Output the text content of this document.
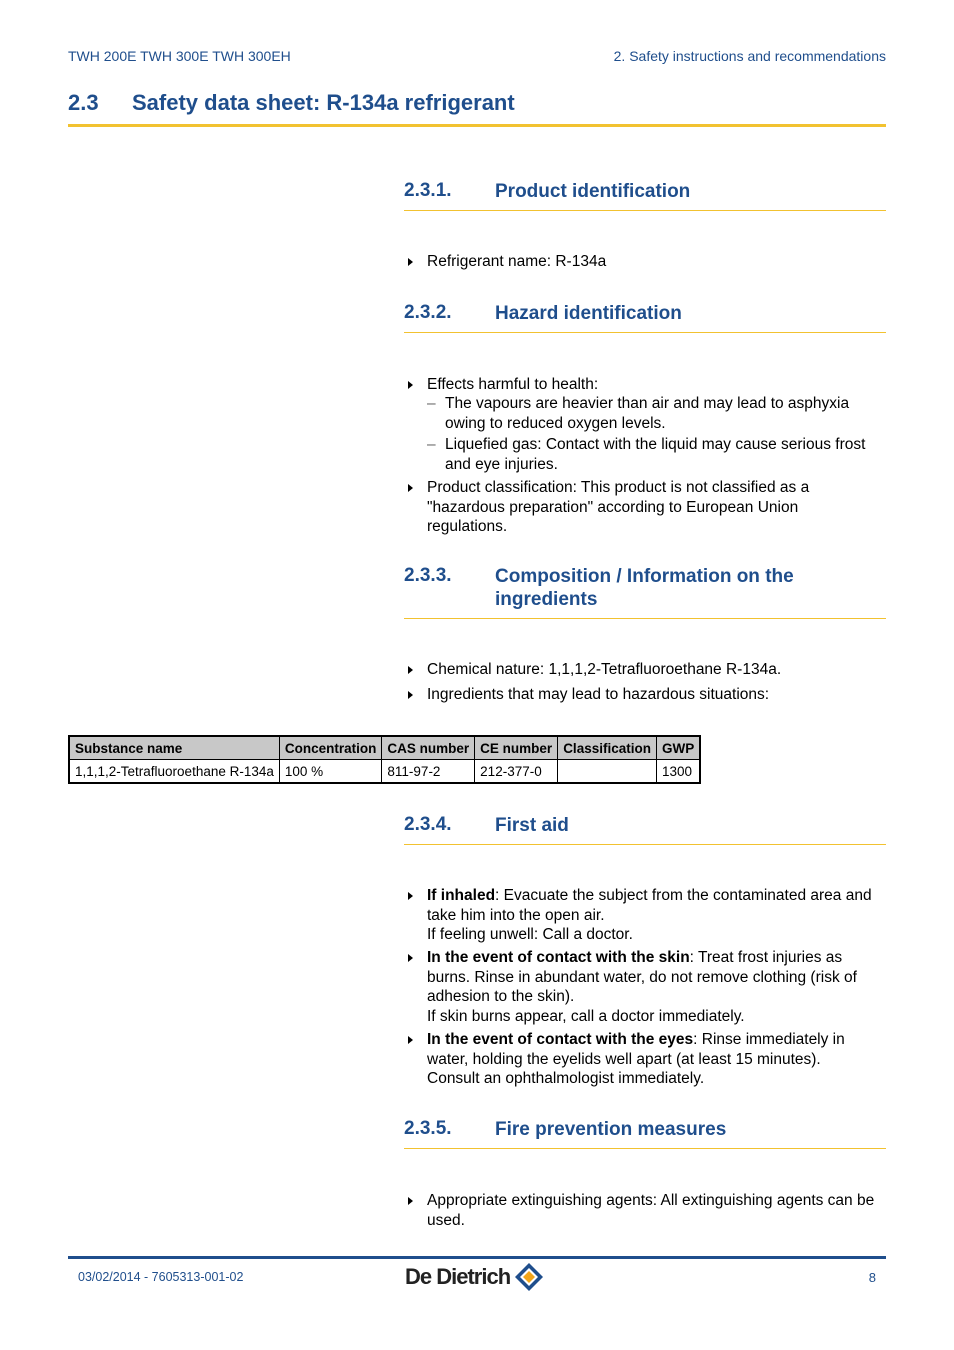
TWH 200E TWH 300E TWH 300EH	2. Safety instructions and recommendations
2.3 Safety data sheet: R-134a refrigerant
2.3.1. Product identification
Refrigerant name: R-134a
2.3.2. Hazard identification
Effects harmful to health:
– The vapours are heavier than air and may lead to asphyxia owing to reduced oxygen levels.
– Liquefied gas: Contact with the liquid may cause serious frost and eye injuries.
Product classification: This product is not classified as a "hazardous preparation" according to European Union regulations.
2.3.3. Composition / Information on the
ingredients
Chemical nature: 1,1,1,2-Tetrafluoroethane R-134a.
Ingredients that may lead to hazardous situations:
Substance name	Concentration	CAS number	CE number	Classification	GWP
1,1,1,2-Tetrafluoroethane R-134a	100 %	811-97-2	212-377-0		1300
2.3.4. First aid
If inhaled: Evacuate the subject from the contaminated area and take him into the open air.
If feeling unwell: Call a doctor.
In the event of contact with the skin: Treat frost injuries as burns. Rinse in abundant water, do not remove clothing (risk of adhesion to the skin).
If skin burns appear, call a doctor immediately.
In the event of contact with the eyes: Rinse immediately in water, holding the eyelids well apart (at least 15 minutes).
Consult an ophthalmologist immediately.
2.3.5. Fire prevention measures
Appropriate extinguishing agents: All extinguishing agents can be used.
03/02/2014 - 7605313-001-02	De Dietrich	8
